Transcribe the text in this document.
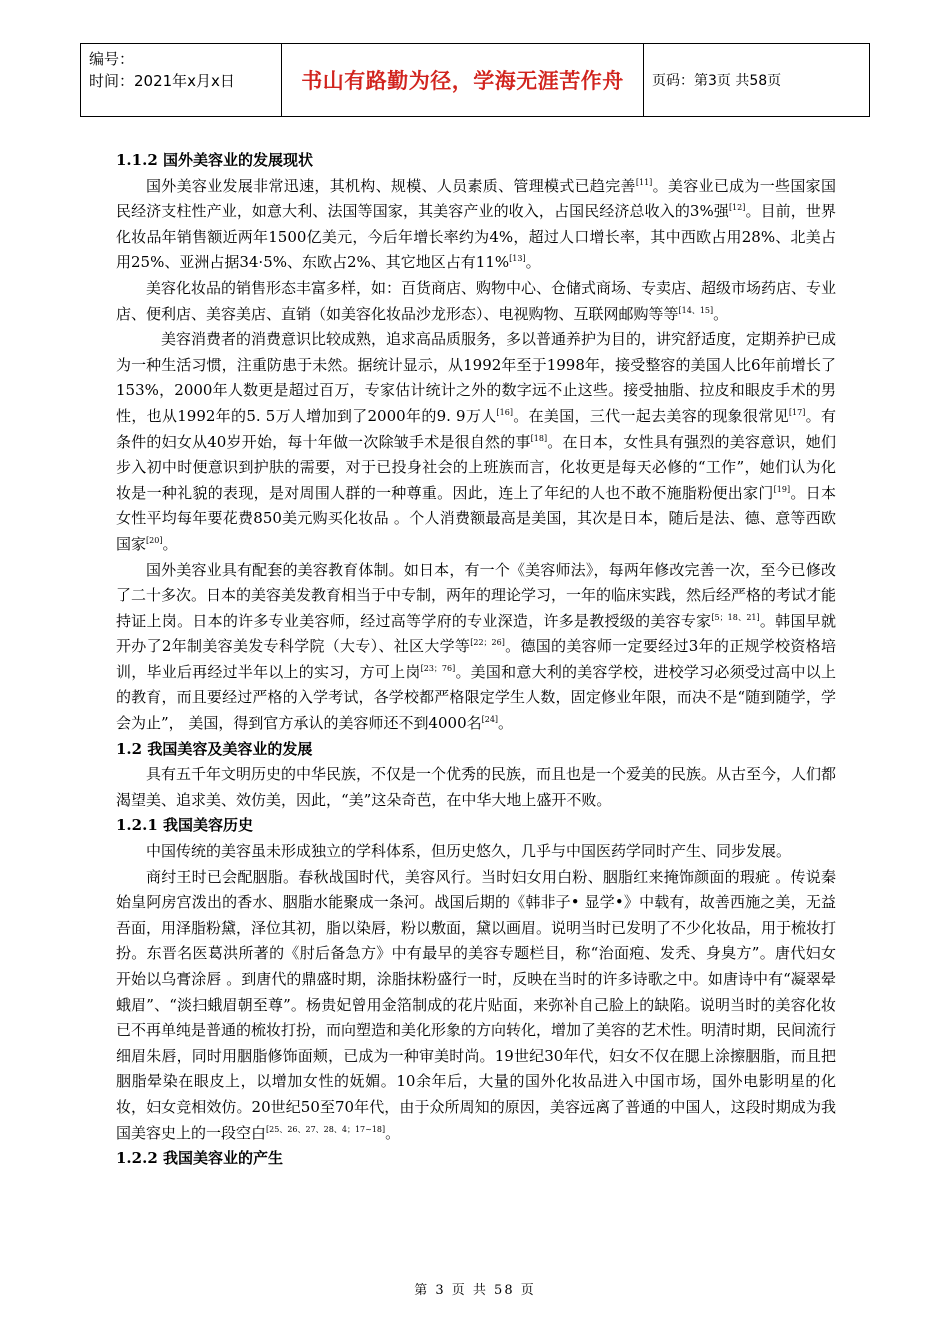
编号：
时间：2021年x月x日	书山有路勤为径，学海无涯苦作舟	页码：第3页 共58页

1.1.2 国外美容业的发展现状

国外美容业发展非常迅速，其机构、规模、人员素质、管理模式已趋完善[11]。美容业已成为一些国家国民经济支柱性产业，如意大利、法国等国家，其美容产业的收入，占国民经济总收入的3%强[12]。目前，世界化妆品年销售额近两年1500亿美元，今后年增长率约为4%，超过人口增长率，其中西欧占用28%、北美占用25%、亚洲占据34·5%、东欧占2%、其它地区占有11%[13]。

美容化妆品的销售形态丰富多样，如：百货商店、购物中心、仓储式商场、专卖店、超级市场药店、专业店、便利店、美容美店、直销（如美容化妆品沙龙形态）、电视购物、互联网邮购等等[14、15]。

美容消费者的消费意识比较成熟，追求高品质服务，多以普通养护为目的，讲究舒适度，定期养护已成为一种生活习惯，注重防患于未然。据统计显示，从1992年至于1998年，接受整容的美国人比6年前增长了153%，2000年人数更是超过百万，专家估计统计之外的数字远不止这些。接受抽脂、拉皮和眼皮手术的男性，也从1992年的5. 5万人增加到了2000年的9. 9万人[16]。在美国，三代一起去美容的现象很常见[17]。有条件的妇女从40岁开始，每十年做一次除皱手术是很自然的事[18]。在日本，女性具有强烈的美容意识，她们步入初中时便意识到护肤的需要，对于已投身社会的上班族而言，化妆更是每天必修的“工作”，她们认为化妆是一种礼貌的表现，是对周围人群的一种尊重。因此，连上了年纪的人也不敢不施脂粉便出家门[19]。日本女性平均每年要花费850美元购买化妆品 。个人消费额最高是美国，其次是日本，随后是法、德、意等西欧国家[20]。

国外美容业具有配套的美容教育体制。如日本，有一个《美容师法》，每两年修改完善一次，至今已修改了二十多次。日本的美容美发教育相当于中专制，两年的理论学习，一年的临床实践，然后经严格的考试才能持证上岗。日本的许多专业美容师，经过高等学府的专业深造，许多是教授级的美容专家[5；18、21]。韩国早就开办了2年制美容美发专科学院（大专）、社区大学等[22；26]。德国的美容师一定要经过3年的正规学校资格培训，毕业后再经过半年以上的实习，方可上岗[23；76]。美国和意大利的美容学校，进校学习必须受过高中以上的教育，而且要经过严格的入学考试，各学校都严格限定学生人数，固定修业年限，而决不是“随到随学，学会为止”， 美国，得到官方承认的美容师还不到4000名[24]。

1.2 我国美容及美容业的发展

具有五千年文明历史的中华民族，不仅是一个优秀的民族，而且也是一个爱美的民族。从古至今，人们都渴望美、追求美、效仿美，因此，“美”这朵奇芭，在中华大地上盛开不败。

1.2.1 我国美容历史

中国传统的美容虽未形成独立的学科体系，但历史悠久，几乎与中国医药学同时产生、同步发展。

商纣王时已会配胭脂。春秋战国时代，美容风行。当时妇女用白粉、胭脂红来掩饰颜面的瑕疵 。传说秦始皇阿房宫泼出的香水、胭脂水能聚成一条河。战国后期的《韩非子• 显学•》中载有，故善西施之美，无益吾面，用泽脂粉黛，泽位其初，脂以染唇，粉以敷面，黛以画眉。说明当时已发明了不少化妆品，用于梳妆打扮。东晋名医葛洪所著的《肘后备急方》中有最早的美容专题栏目，称“治面疱、发秃、身臭方”。唐代妇女开始以乌膏涂唇 。到唐代的鼎盛时期，涂脂抹粉盛行一时，反映在当时的许多诗歌之中。如唐诗中有“凝翠晕蛾眉”、“淡扫蛾眉朝至尊”。杨贵妃曾用金箔制成的花片贴面，来弥补自己脸上的缺陷。说明当时的美容化妆已不再单纯是普通的梳妆打扮，而向塑造和美化形象的方向转化，增加了美容的艺术性。明清时期，民间流行细眉朱唇，同时用胭脂修饰面颊，已成为一种审美时尚。19世纪30年代，妇女不仅在腮上涂擦胭脂，而且把胭脂晕染在眼皮上，以增加女性的妩媚。10余年后，大量的国外化妆品进入中国市场，国外电影明星的化妆，妇女竞相效仿。20世纪50至70年代，由于众所周知的原因，美容远离了普通的中国人，这段时期成为我国美容史上的一段空白[25、26、27、28、4；17~18]。

1.2.2 我国美容业的产生

第 3 页 共 58 页
